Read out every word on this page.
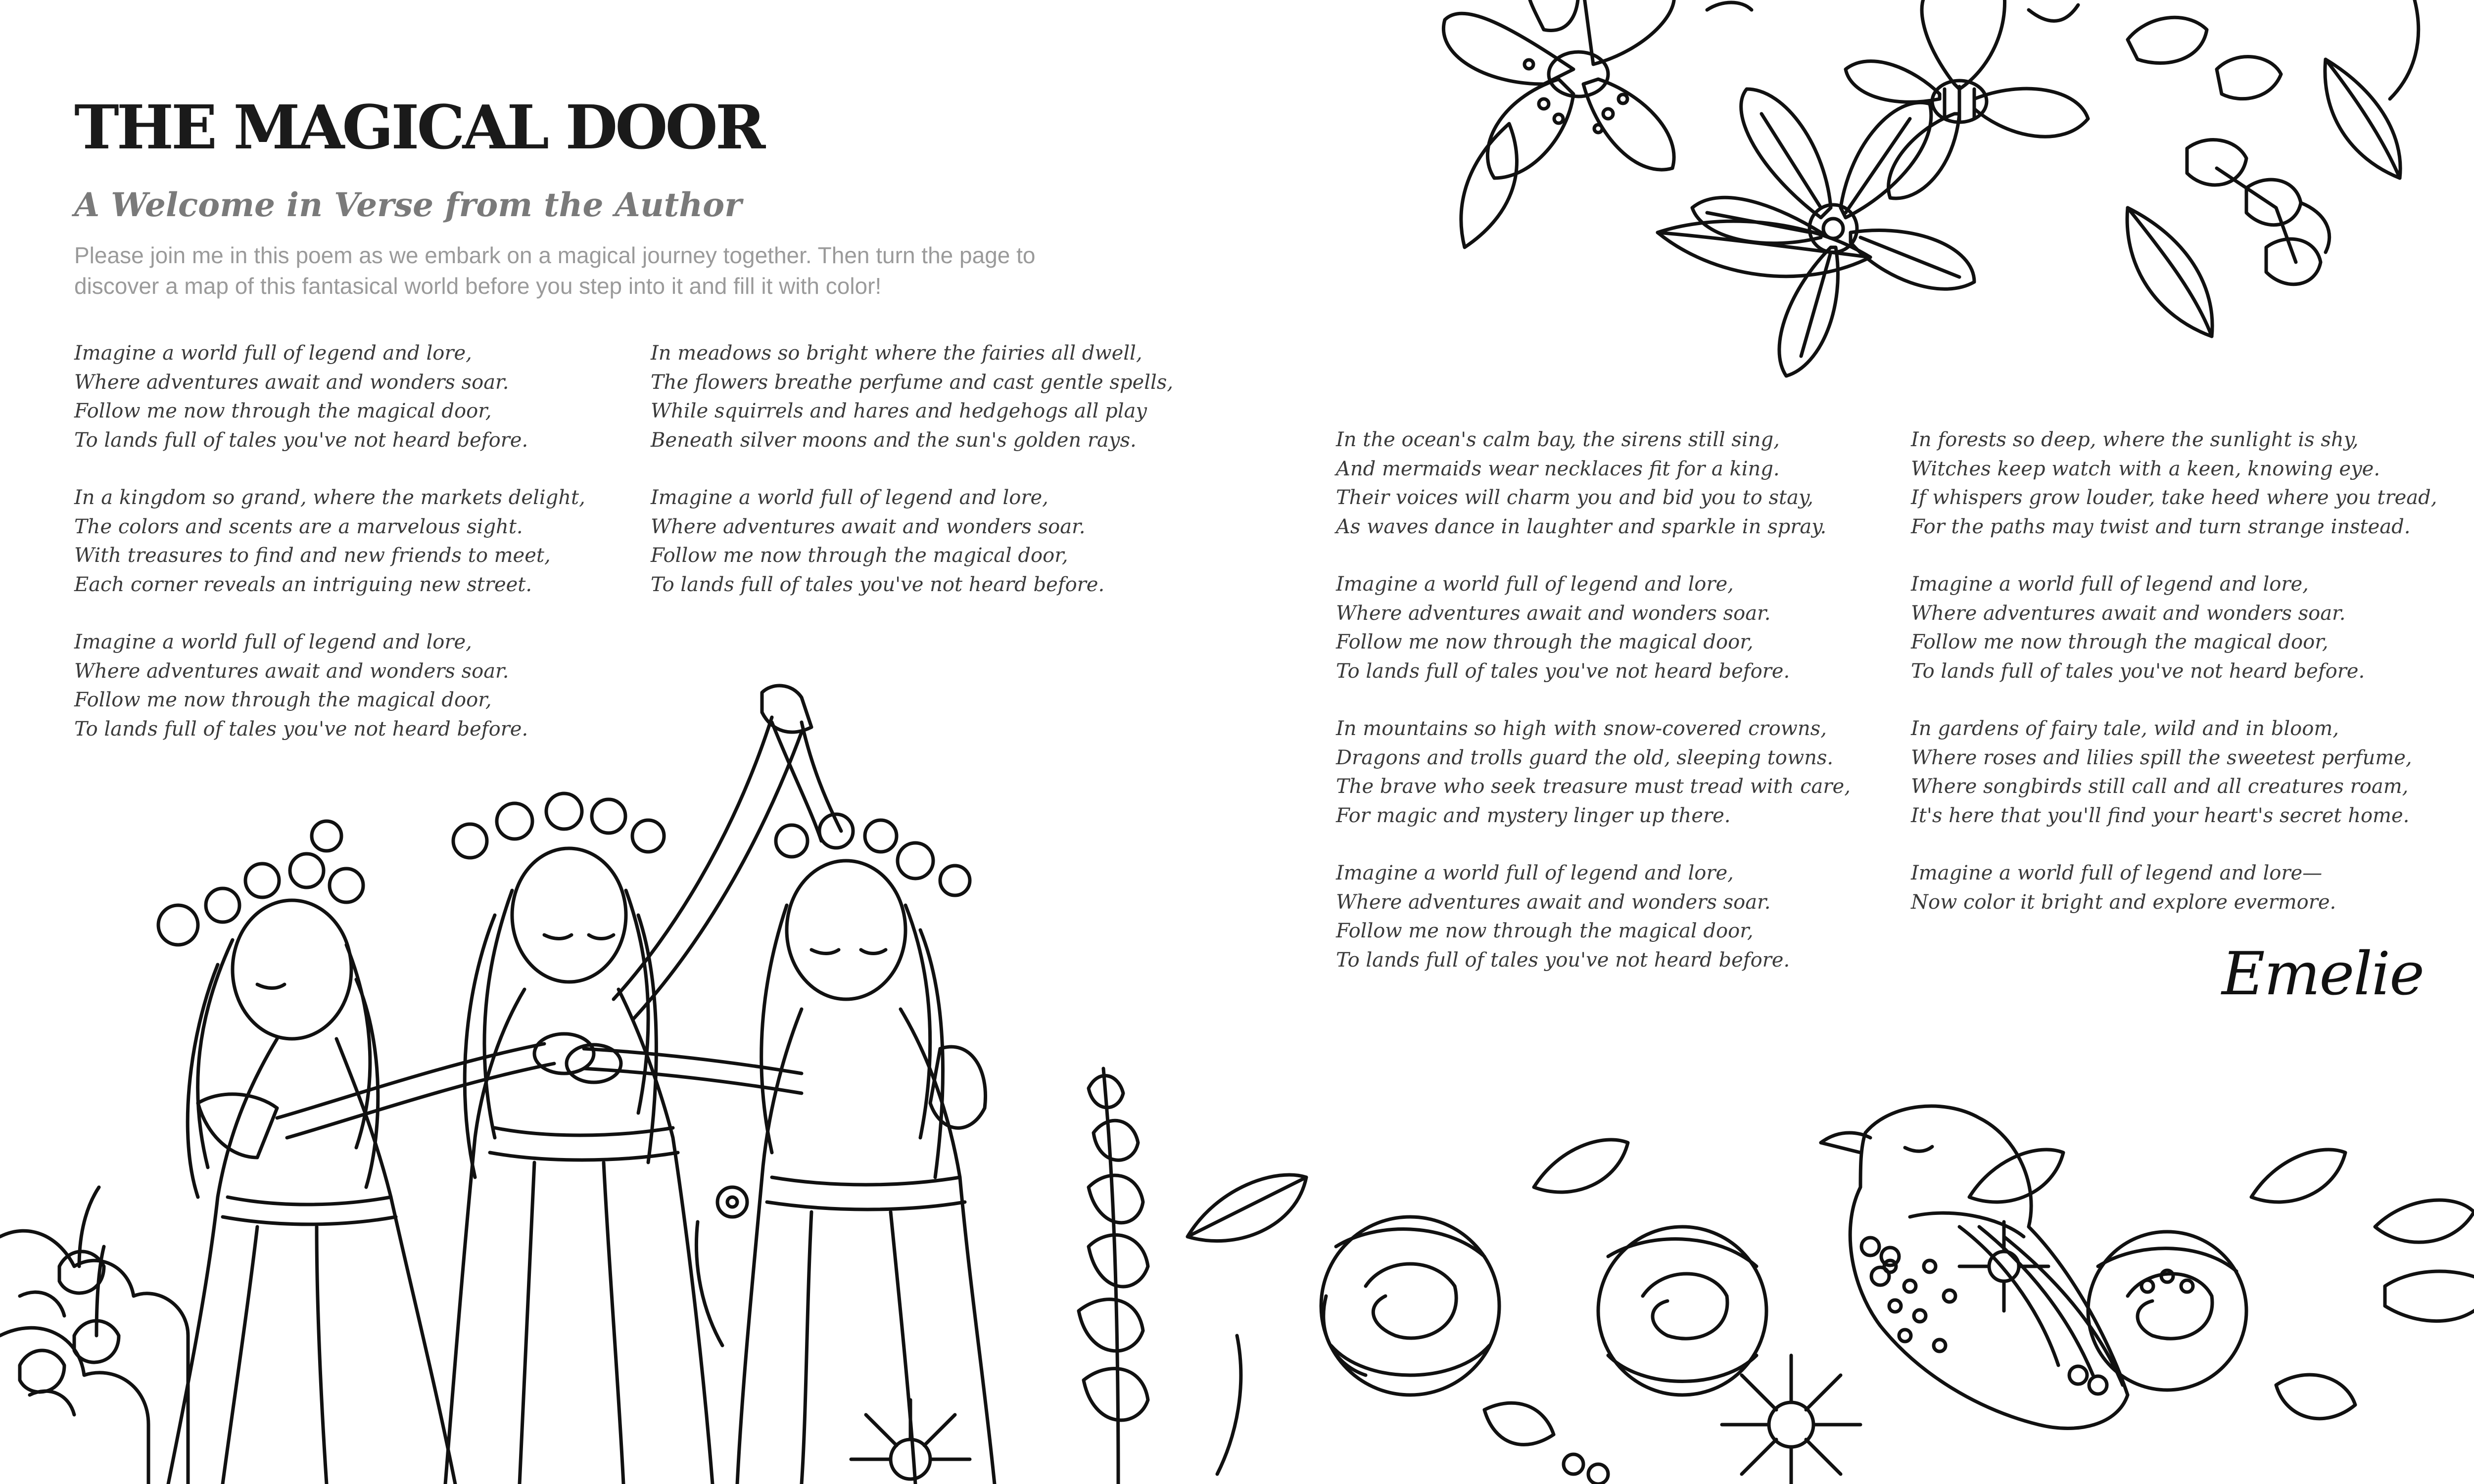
THE MAGICAL DOOR
A Welcome in Verse from the Author

Please join me in this poem as we embark on a magical journey together. Then turn the page to discover a map of this fantasical world before you step into it and fill it with color!

Imagine a world full of legend and lore,
Where adventures await and wonders soar.
Follow me now through the magical door,
To lands full of tales you've not heard before.
In a kingdom so grand, where the markets delight,
The colors and scents are a marvelous sight.
With treasures to find and new friends to meet,
Each corner reveals an intriguing new street.
Imagine a world full of legend and lore,
Where adventures await and wonders soar.
Follow me now through the magical door,
To lands full of tales you've not heard before.
In meadows so bright where the fairies all dwell,
The flowers breathe perfume and cast gentle spells,
While squirrels and hares and hedgehogs all play
Beneath silver moons and the sun's golden rays.
Imagine a world full of legend and lore,
Where adventures await and wonders soar.
Follow me now through the magical door,
To lands full of tales you've not heard before.
In the ocean's calm bay, the sirens still sing,
And mermaids wear necklaces fit for a king.
Their voices will charm you and bid you to stay,
As waves dance in laughter and sparkle in spray.
Imagine a world full of legend and lore,
Where adventures await and wonders soar.
Follow me now through the magical door,
To lands full of tales you've not heard before.
In mountains so high with snow-covered crowns,
Dragons and trolls guard the old, sleeping towns.
The brave who seek treasure must tread with care,
For magic and mystery linger up there.
Imagine a world full of legend and lore,
Where adventures await and wonders soar.
Follow me now through the magical door,
To lands full of tales you've not heard before.
In forests so deep, where the sunlight is shy,
Witches keep watch with a keen, knowing eye.
If whispers grow louder, take heed where you tread,
For the paths may twist and turn strange instead.
Imagine a world full of legend and lore,
Where adventures await and wonders soar.
Follow me now through the magical door,
To lands full of tales you've not heard before.
In gardens of fairy tale, wild and in bloom,
Where roses and lilies spill the sweetest perfume,
Where songbirds still call and all creatures roam,
It's here that you'll find your heart's secret home.
Imagine a world full of legend and lore—
Now color it bright and explore evermore.
Emelie
